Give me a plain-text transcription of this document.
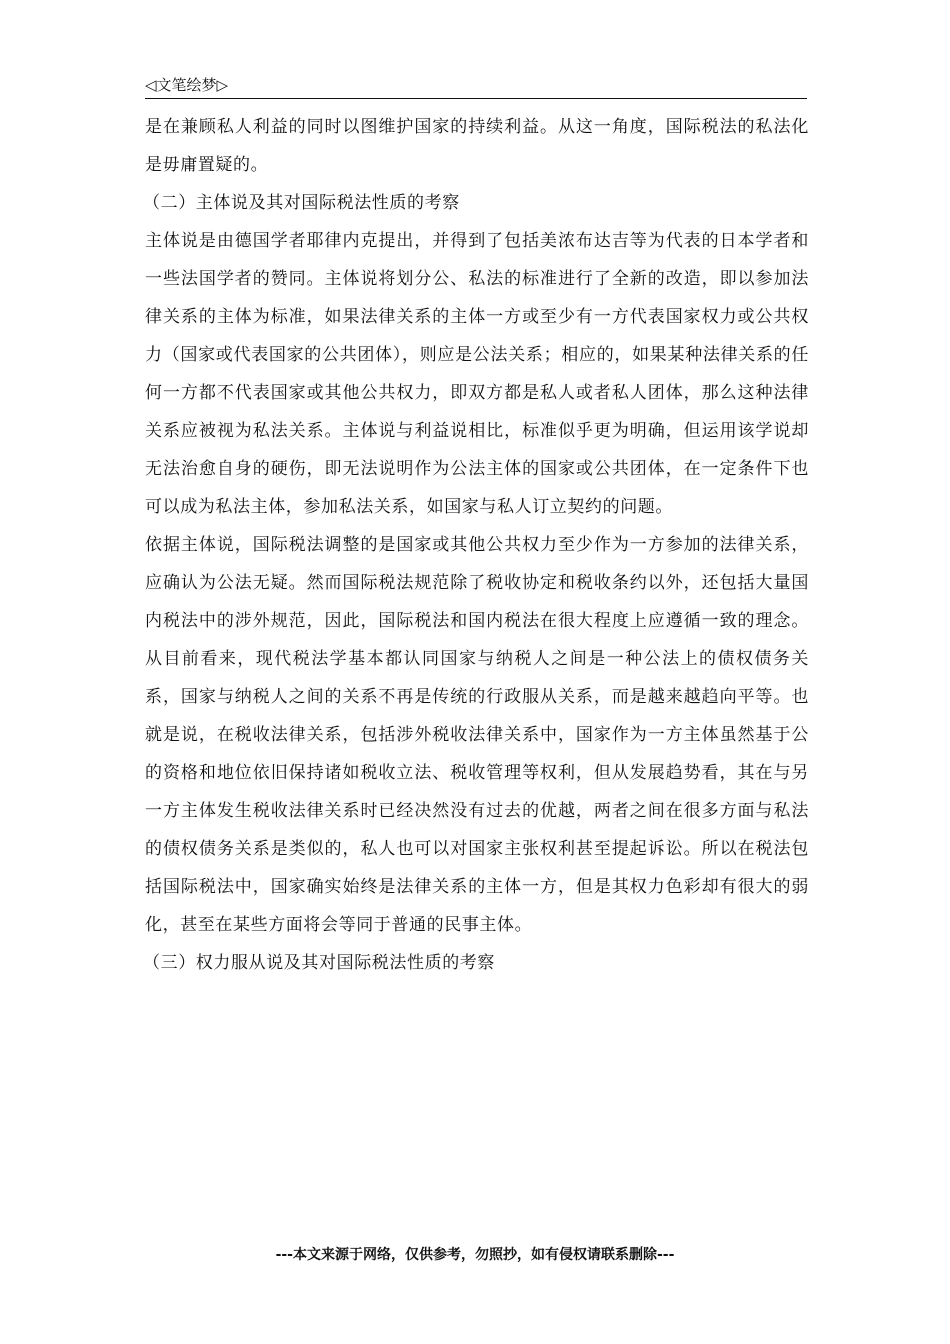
◁文笔绘梦▷

是在兼顾私人利益的同时以图维护国家的持续利益。从这一角度，国际税法的私法化是毋庸置疑的。

（二）主体说及其对国际税法性质的考察

主体说是由德国学者耶律内克提出，并得到了包括美浓布达吉等为代表的日本学者和一些法国学者的赞同。主体说将划分公、私法的标准进行了全新的改造，即以参加法律关系的主体为标准，如果法律关系的主体一方或至少有一方代表国家权力或公共权力（国家或代表国家的公共团体），则应是公法关系；相应的，如果某种法律关系的任何一方都不代表国家或其他公共权力，即双方都是私人或者私人团体，那么这种法律关系应被视为私法关系。主体说与利益说相比，标准似乎更为明确，但运用该学说却无法治愈自身的硬伤，即无法说明作为公法主体的国家或公共团体，在一定条件下也可以成为私法主体，参加私法关系，如国家与私人订立契约的问题。

依据主体说，国际税法调整的是国家或其他公共权力至少作为一方参加的法律关系，应确认为公法无疑。然而国际税法规范除了税收协定和税收条约以外，还包括大量国内税法中的涉外规范，因此，国际税法和国内税法在很大程度上应遵循一致的理念。从目前看来，现代税法学基本都认同国家与纳税人之间是一种公法上的债权债务关系，国家与纳税人之间的关系不再是传统的行政服从关系，而是越来越趋向平等。也就是说，在税收法律关系，包括涉外税收法律关系中，国家作为一方主体虽然基于公的资格和地位依旧保持诸如税收立法、税收管理等权利，但从发展趋势看，其在与另一方主体发生税收法律关系时已经决然没有过去的优越，两者之间在很多方面与私法的债权债务关系是类似的，私人也可以对国家主张权利甚至提起诉讼。所以在税法包括国际税法中，国家确实始终是法律关系的主体一方，但是其权力色彩却有很大的弱化，甚至在某些方面将会等同于普通的民事主体。

（三）权力服从说及其对国际税法性质的考察

---本文来源于网络，仅供参考，勿照抄，如有侵权请联系删除---
